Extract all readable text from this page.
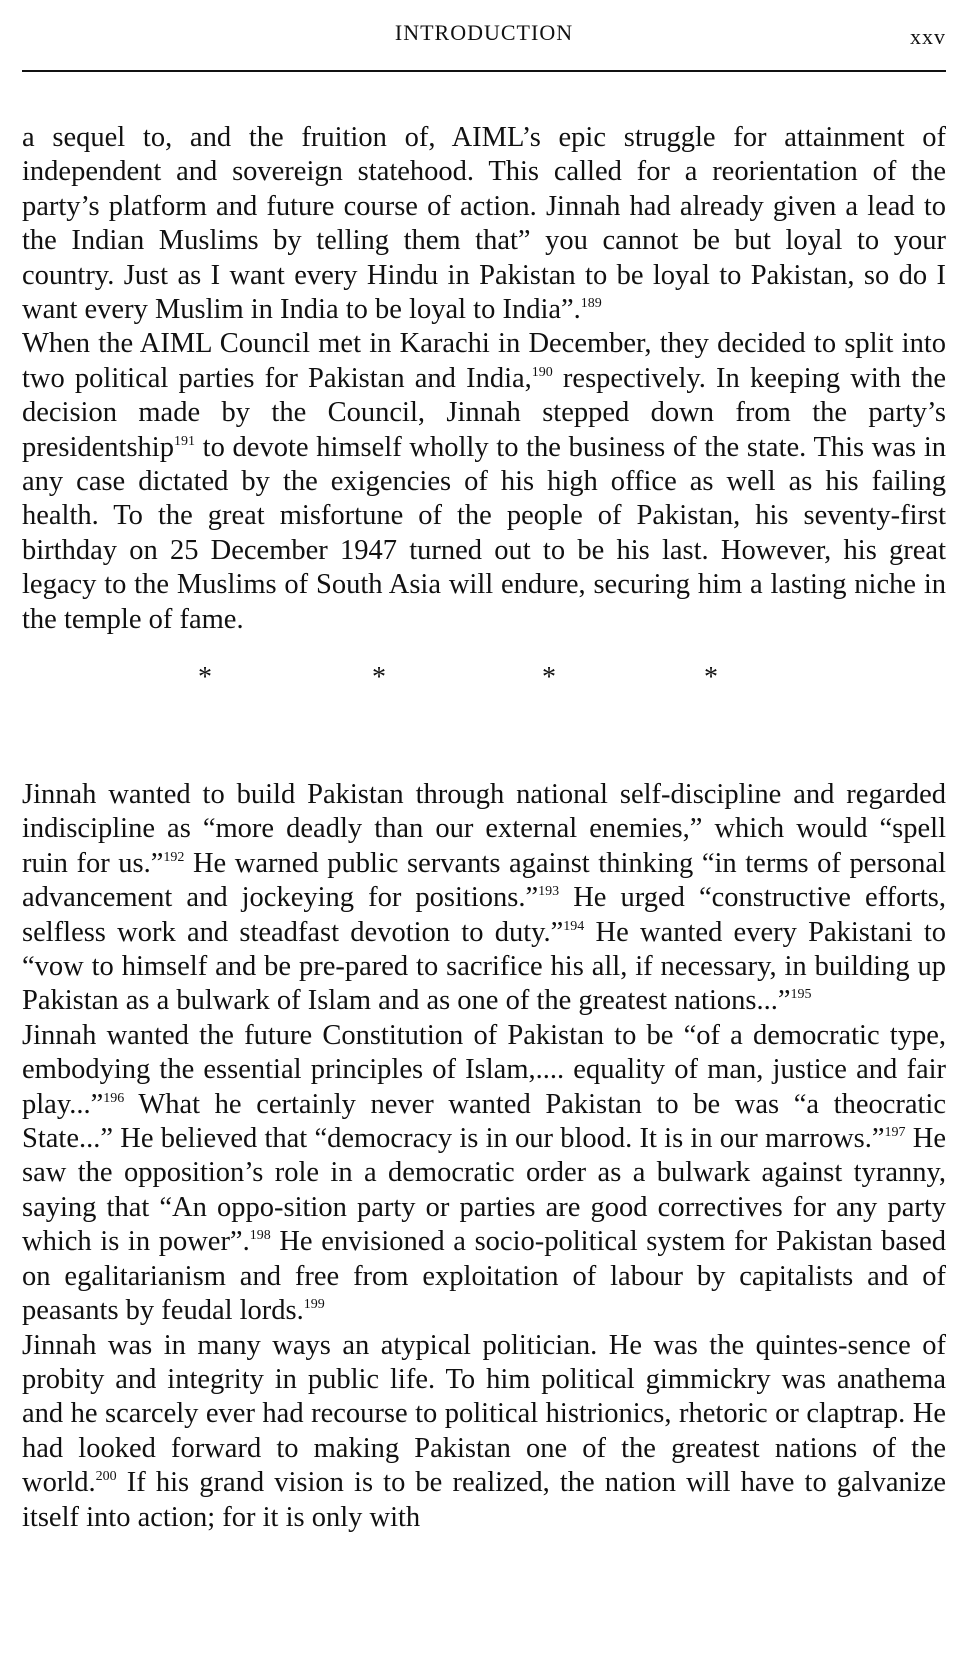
INTRODUCTION	xxv

a sequel to, and the fruition of, AIML’s epic struggle for attainment of independent and sovereign statehood. This called for a reorientation of the party’s platform and future course of action. Jinnah had already given a lead to the Indian Muslims by telling them that” you cannot be but loyal to your country. Just as I want every Hindu in Pakistan to be loyal to Pakistan, so do I want every Muslim in India to be loyal to India”.$^{189}$

When the AIML Council met in Karachi in December, they decided to split into two political parties for Pakistan and India,$^{190}$ respectively. In keeping with the decision made by the Council, Jinnah stepped down from the party’s presidentship$^{191}$ to devote himself wholly to the business of the state. This was in any case dictated by the exigencies of his high office as well as his failing health. To the great misfortune of the people of Pakistan, his seventy-first birthday on 25 December 1947 turned out to be his last. However, his great legacy to the Muslims of South Asia will endure, securing him a lasting niche in the temple of fame.

*	*	*	*

Jinnah wanted to build Pakistan through national self-discipline and regarded indiscipline as “more deadly than our external enemies,” which would “spell ruin for us.”$^{192}$ He warned public servants against thinking “in terms of personal advancement and jockeying for positions.”$^{193}$ He urged “constructive efforts, selfless work and steadfast devotion to duty.”$^{194}$ He wanted every Pakistani to “vow to himself and be pre-pared to sacrifice his all, if necessary, in building up Pakistan as a bulwark of Islam and as one of the greatest nations...”$^{195}$

Jinnah wanted the future Constitution of Pakistan to be “of a democratic type, embodying the essential principles of Islam,.... equality of man, justice and fair play...”$^{196}$ What he certainly never wanted Pakistan to be was “a theocratic State...” He believed that “democracy is in our blood. It is in our marrows.”$^{197}$ He saw the opposition’s role in a democratic order as a bulwark against tyranny, saying that “An oppo-sition party or parties are good correctives for any party which is in power”.$^{198}$ He envisioned a socio-political system for Pakistan based on egalitarianism and free from exploitation of labour by capitalists and of peasants by feudal lords.$^{199}$

Jinnah was in many ways an atypical politician. He was the quintes-sence of probity and integrity in public life. To him political gimmickry was anathema and he scarcely ever had recourse to political histrionics, rhetoric or claptrap. He had looked forward to making Pakistan one of the greatest nations of the world.$^{200}$ If his grand vision is to be realized, the nation will have to galvanize itself into action; for it is only with
